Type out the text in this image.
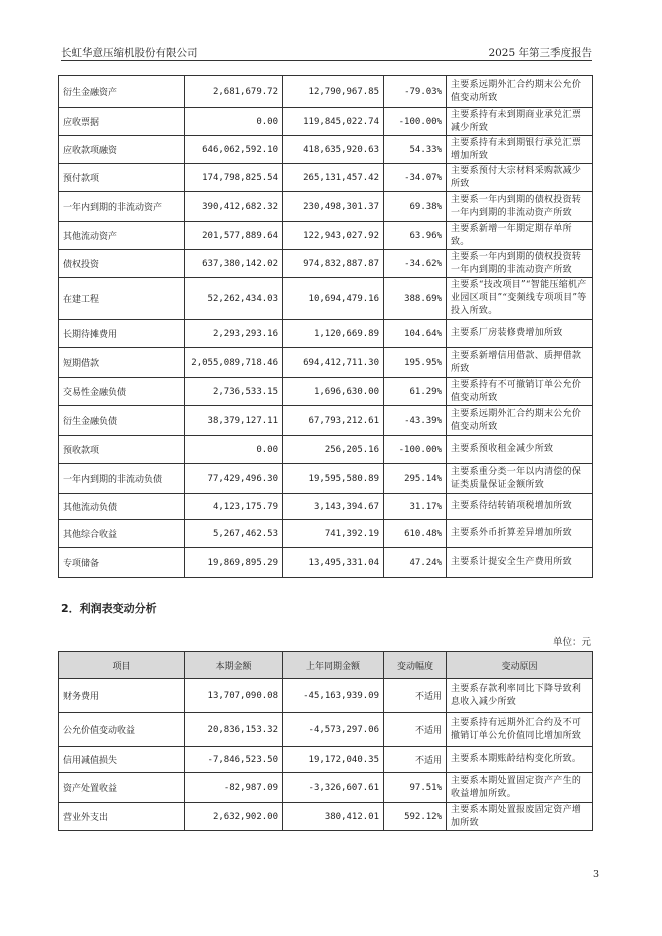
长虹华意压缩机股份有限公司	2025 年第三季度报告
衍生金融资产	2,681,679.72	12,790,967.85	-79.03%	主要系远期外汇合约期末公允价值变动所致
应收票据	0.00	119,845,022.74	-100.00%	主要系持有未到期商业承兑汇票减少所致
应收款项融资	646,062,592.10	418,635,920.63	54.33%	主要系持有未到期银行承兑汇票增加所致
预付款项	174,798,825.54	265,131,457.42	-34.07%	主要系预付大宗材料采购款减少所致
一年内到期的非流动资产	390,412,682.32	230,498,301.37	69.38%	主要系一年内到期的债权投资转一年内到期的非流动资产所致
其他流动资产	201,577,889.64	122,943,027.92	63.96%	主要系新增一年期定期存单所致。
债权投资	637,380,142.02	974,832,887.87	-34.62%	主要系一年内到期的债权投资转一年内到期的非流动资产所致
在建工程	52,262,434.03	10,694,479.16	388.69%	主要系“技改项目”“智能压缩机产业园区项目”“变频线专项项目”等投入所致。
长期待摊费用	2,293,293.16	1,120,669.89	104.64%	主要系厂房装修费增加所致
短期借款	2,055,089,718.46	694,412,711.30	195.95%	主要系新增信用借款、质押借款所致
交易性金融负债	2,736,533.15	1,696,630.00	61.29%	主要系持有不可撤销订单公允价值变动所致
衍生金融负债	38,379,127.11	67,793,212.61	-43.39%	主要系远期外汇合约期末公允价值变动所致
预收款项	0.00	256,205.16	-100.00%	主要系预收租金减少所致
一年内到期的非流动负债	77,429,496.30	19,595,580.89	295.14%	主要系重分类一年以内清偿的保证类质量保证金额所致
其他流动负债	4,123,175.79	3,143,394.67	31.17%	主要系待结转销项税增加所致
其他综合收益	5,267,462.53	741,392.19	610.48%	主要系外币折算差异增加所致
专项储备	19,869,895.29	13,495,331.04	47.24%	主要系计提安全生产费用所致
2．利润表变动分析
单位：元
项目	本期金额	上年同期金额	变动幅度	变动原因
财务费用	13,707,090.08	-45,163,939.09	不适用	主要系存款利率同比下降导致利息收入减少所致
公允价值变动收益	20,836,153.32	-4,573,297.06	不适用	主要系持有远期外汇合约及不可撤销订单公允价值同比增加所致
信用减值损失	-7,846,523.50	19,172,040.35	不适用	主要系本期账龄结构变化所致。
资产处置收益	-82,987.09	-3,326,607.61	97.51%	主要系本期处置固定资产产生的收益增加所致。
营业外支出	2,632,902.00	380,412.01	592.12%	主要系本期处置报废固定资产增加所致
3
